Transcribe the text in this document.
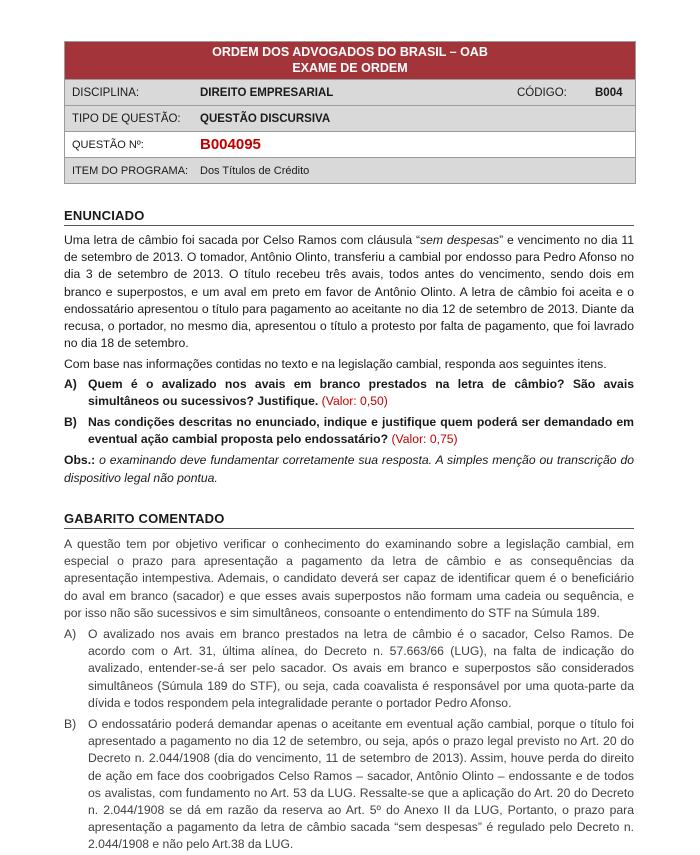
ORDEM DOS ADVOGADOS DO BRASIL – OAB
EXAME DE ORDEM
DISCIPLINA:	DIREITO EMPRESARIAL	CÓDIGO:	B004
TIPO DE QUESTÃO:	QUESTÃO DISCURSIVA
QUESTÃO Nº:	B004095
ITEM DO PROGRAMA:	Dos Títulos de Crédito
ENUNCIADO

Uma letra de câmbio foi sacada por Celso Ramos com cláusula “sem despesas” e vencimento no dia 11 de setembro de 2013. O tomador, Antônio Olinto, transferiu a cambial por endosso para Pedro Afonso no dia 3 de setembro de 2013. O título recebeu três avais, todos antes do vencimento, sendo dois em branco e superpostos, e um aval em preto em favor de Antônio Olinto. A letra de câmbio foi aceita e o endossatário apresentou o título para pagamento ao aceitante no dia 12 de setembro de 2013. Diante da recusa, o portador, no mesmo dia, apresentou o título a protesto por falta de pagamento, que foi lavrado no dia 18 de setembro.

Com base nas informações contidas no texto e na legislação cambial, responda aos seguintes itens.

A) Quem é o avalizado nos avais em branco prestados na letra de câmbio? São avais simultâneos ou sucessivos? Justifique. (Valor: 0,50)
B) Nas condições descritas no enunciado, indique e justifique quem poderá ser demandado em eventual ação cambial proposta pelo endossatário? (Valor: 0,75)

Obs.: o examinando deve fundamentar corretamente sua resposta. A simples menção ou transcrição do dispositivo legal não pontua.

GABARITO COMENTADO

A questão tem por objetivo verificar o conhecimento do examinando sobre a legislação cambial, em especial o prazo para apresentação a pagamento da letra de câmbio e as consequências da apresentação intempestiva. Ademais, o candidato deverá ser capaz de identificar quem é o beneficiário do aval em branco (sacador) e que esses avais superpostos não formam uma cadeia ou sequência, e por isso não são sucessivos e sim simultâneos, consoante o entendimento do STF na Súmula 189.

A) O avalizado nos avais em branco prestados na letra de câmbio é o sacador, Celso Ramos. De acordo com o Art. 31, última alínea, do Decreto n. 57.663/66 (LUG), na falta de indicação do avalizado, entender-se-á ser pelo sacador. Os avais em branco e superpostos são considerados simultâneos (Súmula 189 do STF), ou seja, cada coavalista é responsável por uma quota-parte da dívida e todos respondem pela integralidade perante o portador Pedro Afonso.
B) O endossatário poderá demandar apenas o aceitante em eventual ação cambial, porque o título foi apresentado a pagamento no dia 12 de setembro, ou seja, após o prazo legal previsto no Art. 20 do Decreto n. 2.044/1908 (dia do vencimento, 11 de setembro de 2013). Assim, houve perda do direito de ação em face dos coobrigados Celso Ramos – sacador, Antônio Olinto – endossante e de todos os avalistas, com fundamento no Art. 53 da LUG. Ressalte-se que a aplicação do Art. 20 do Decreto n. 2.044/1908 se dá em razão da reserva ao Art. 5º do Anexo II da LUG, Portanto, o prazo para apresentação a pagamento da letra de câmbio sacada “sem despesas” é regulado pelo Decreto n. 2.044/1908 e não pelo Art.38 da LUG.
